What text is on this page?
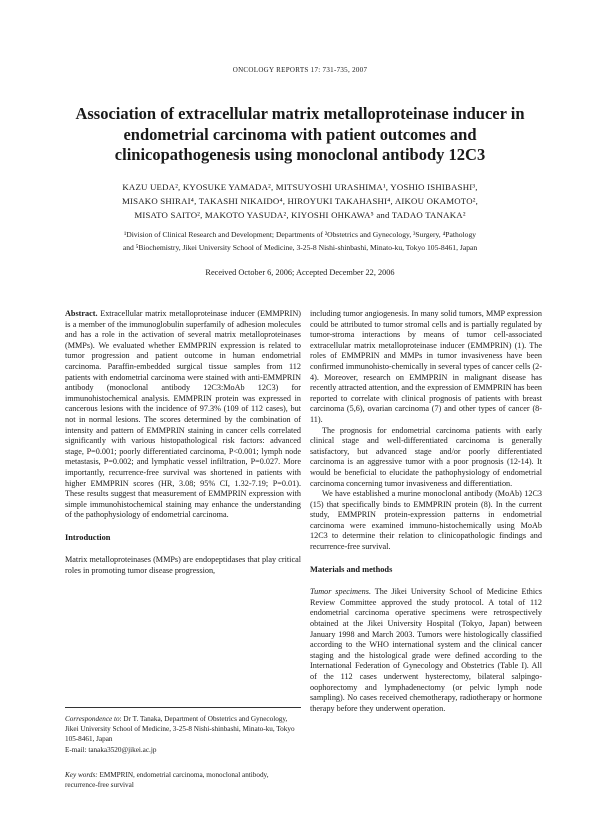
ONCOLOGY REPORTS 17: 731-735, 2007
Association of extracellular matrix metalloproteinase inducer in endometrial carcinoma with patient outcomes and clinicopathogenesis using monoclonal antibody 12C3
KAZU UEDA², KYOSUKE YAMADA², MITSUYOSHI URASHIMA¹, YOSHIO ISHIBASHI³,
MISAKO SHIRAI⁴, TAKASHI NIKAIDO⁴, HIROYUKI TAKAHASHI⁴, AIKOU OKAMOTO²,
MISATO SAITO², MAKOTO YASUDA², KIYOSHI OHKAWA⁵ and TADAO TANAKA²
¹Division of Clinical Research and Development; Departments of ²Obstetrics and Gynecology, ³Surgery, ⁴Pathology
and ⁵Biochemistry, Jikei University School of Medicine, 3-25-8 Nishi-shinbashi, Minato-ku, Tokyo 105-8461, Japan
Received October 6, 2006; Accepted December 22, 2006

Abstract. Extracellular matrix metalloproteinase inducer (EMMPRIN) is a member of the immunoglobulin superfamily of adhesion molecules and has a role in the activation of several matrix metalloproteinases (MMPs). We evaluated whether EMMPRIN expression is related to tumor progression and patient outcome in human endometrial carcinoma. Paraffin-embedded surgical tissue samples from 112 patients with endometrial carcinoma were stained with anti-EMMPRIN antibody (monoclonal antibody 12C3:MoAb 12C3) for immunohistochemical analysis. EMMPRIN protein was expressed in cancerous lesions with the incidence of 97.3% (109 of 112 cases), but not in normal lesions. The scores determined by the combination of intensity and pattern of EMMPRIN staining in cancer cells correlated significantly with various histopathological risk factors: advanced stage, P=0.001; poorly differentiated carcinoma, P<0.001; lymph node metastasis, P=0.002; and lymphatic vessel infiltration, P=0.027. More importantly, recurrence-free survival was shortened in patients with higher EMMPRIN scores (HR, 3.08; 95% CI, 1.32-7.19; P=0.01). These results suggest that measurement of EMMPRIN expression with simple immunohistochemical staining may enhance the understanding of the pathophysiology of endometrial carcinoma.

Introduction

Matrix metalloproteinases (MMPs) are endopeptidases that play critical roles in promoting tumor disease progression,

Correspondence to: Dr T. Tanaka, Department of Obstetrics and Gynecology, Jikei University School of Medicine, 3-25-8 Nishi-shinbashi, Minato-ku, Tokyo 105-8461, Japan
E-mail: tanaka3520@jikei.ac.jp
Key words: EMMPRIN, endometrial carcinoma, monoclonal antibody, recurrence-free survival

including tumor angiogenesis. In many solid tumors, MMP expression could be attributed to tumor stromal cells and is partially regulated by tumor-stroma interactions by means of tumor cell-associated extracellular matrix metalloproteinase inducer (EMMPRIN) (1). The roles of EMMPRIN and MMPs in tumor invasiveness have been confirmed immunohisto-chemically in several types of cancer cells (2-4). Moreover, research on EMMPRIN in malignant disease has recently attracted attention, and the expression of EMMPRIN has been reported to correlate with clinical prognosis of patients with breast carcinoma (5,6), ovarian carcinoma (7) and other types of cancer (8-11).

The prognosis for endometrial carcinoma patients with early clinical stage and well-differentiated carcinoma is generally satisfactory, but advanced stage and/or poorly differentiated carcinoma is an aggressive tumor with a poor prognosis (12-14). It would be beneficial to elucidate the pathophysiology of endometrial carcinoma concerning tumor invasiveness and differentiation.

We have established a murine monoclonal antibody (MoAb) 12C3 (15) that specifically binds to EMMPRIN protein (8). In the current study, EMMPRIN protein-expression patterns in endometrial carcinoma were examined immuno-histochemically using MoAb 12C3 to determine their relation to clinicopathologic findings and recurrence-free survival.

Materials and methods

Tumor specimens. The Jikei University School of Medicine Ethics Review Committee approved the study protocol. A total of 112 endometrial carcinoma operative specimens were retrospectively obtained at the Jikei University Hospital (Tokyo, Japan) between January 1998 and March 2003. Tumors were histologically classified according to the WHO international system and the clinical cancer staging and the histological grade were defined according to the International Federation of Gynecology and Obstetrics (Table I). All of the 112 cases underwent hysterectomy, bilateral salpingo-oophorectomy and lymphadenectomy (or pelvic lymph node sampling). No cases received chemotherapy, radiotherapy or hormone therapy before they underwent operation.
